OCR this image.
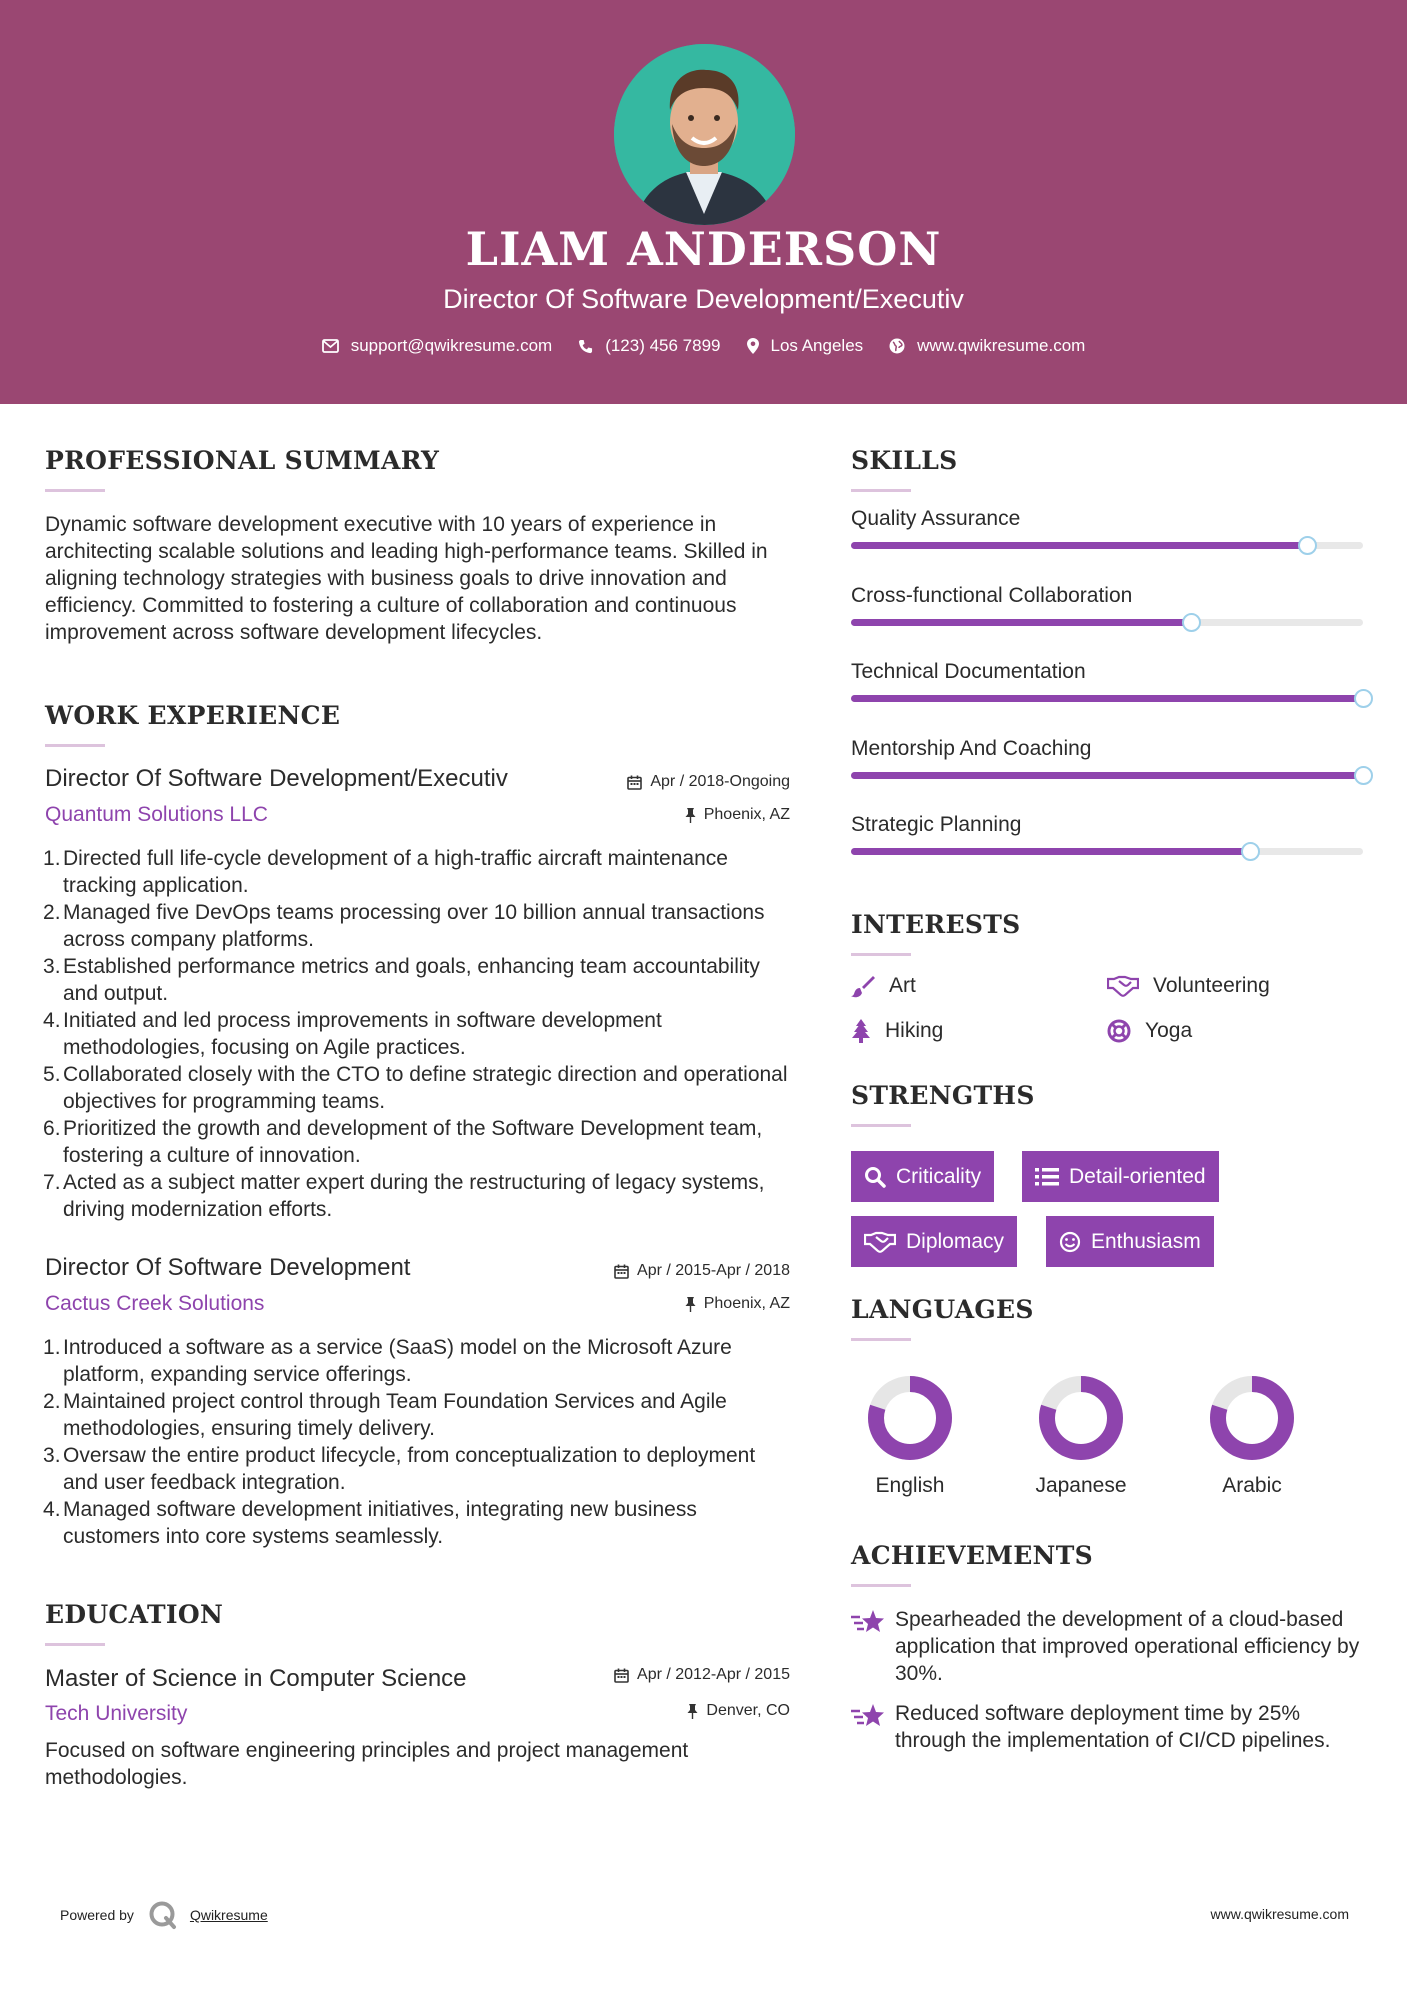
LIAM ANDERSON
Director Of Software Development/Executiv
support@qwikresume.com	(123) 456 7899	Los Angeles	www.qwikresume.com
PROFESSIONAL SUMMARY
Dynamic software development executive with 10 years of experience in architecting scalable solutions and leading high-performance teams. Skilled in aligning technology strategies with business goals to drive innovation and efficiency. Committed to fostering a culture of collaboration and continuous improvement across software development lifecycles.
WORK EXPERIENCE
Director Of Software Development/Executiv	Apr / 2018-Ongoing
Quantum Solutions LLC	Phoenix, AZ
Directed full life-cycle development of a high-traffic aircraft maintenance tracking application.
Managed five DevOps teams processing over 10 billion annual transactions across company platforms.
Established performance metrics and goals, enhancing team accountability and output.
Initiated and led process improvements in software development methodologies, focusing on Agile practices.
Collaborated closely with the CTO to define strategic direction and operational objectives for programming teams.
Prioritized the growth and development of the Software Development team, fostering a culture of innovation.
Acted as a subject matter expert during the restructuring of legacy systems, driving modernization efforts.
Director Of Software Development	Apr / 2015-Apr / 2018
Cactus Creek Solutions	Phoenix, AZ
Introduced a software as a service (SaaS) model on the Microsoft Azure platform, expanding service offerings.
Maintained project control through Team Foundation Services and Agile methodologies, ensuring timely delivery.
Oversaw the entire product lifecycle, from conceptualization to deployment and user feedback integration.
Managed software development initiatives, integrating new business customers into core systems seamlessly.
EDUCATION
Master of Science in Computer Science	Apr / 2012-Apr / 2015
Tech University	Denver, CO
Focused on software engineering principles and project management methodologies.
SKILLS
Quality Assurance
Cross-functional Collaboration
Technical Documentation
Mentorship And Coaching
Strategic Planning
INTERESTS
Art	Volunteering
Hiking	Yoga
STRENGTHS
Criticality	Detail-oriented
Diplomacy	Enthusiasm
LANGUAGES
English	Japanese	Arabic
ACHIEVEMENTS
Spearheaded the development of a cloud-based application that improved operational efficiency by 30%.
Reduced software deployment time by 25% through the implementation of CI/CD pipelines.
Powered by	Qwikresume	www.qwikresume.com
